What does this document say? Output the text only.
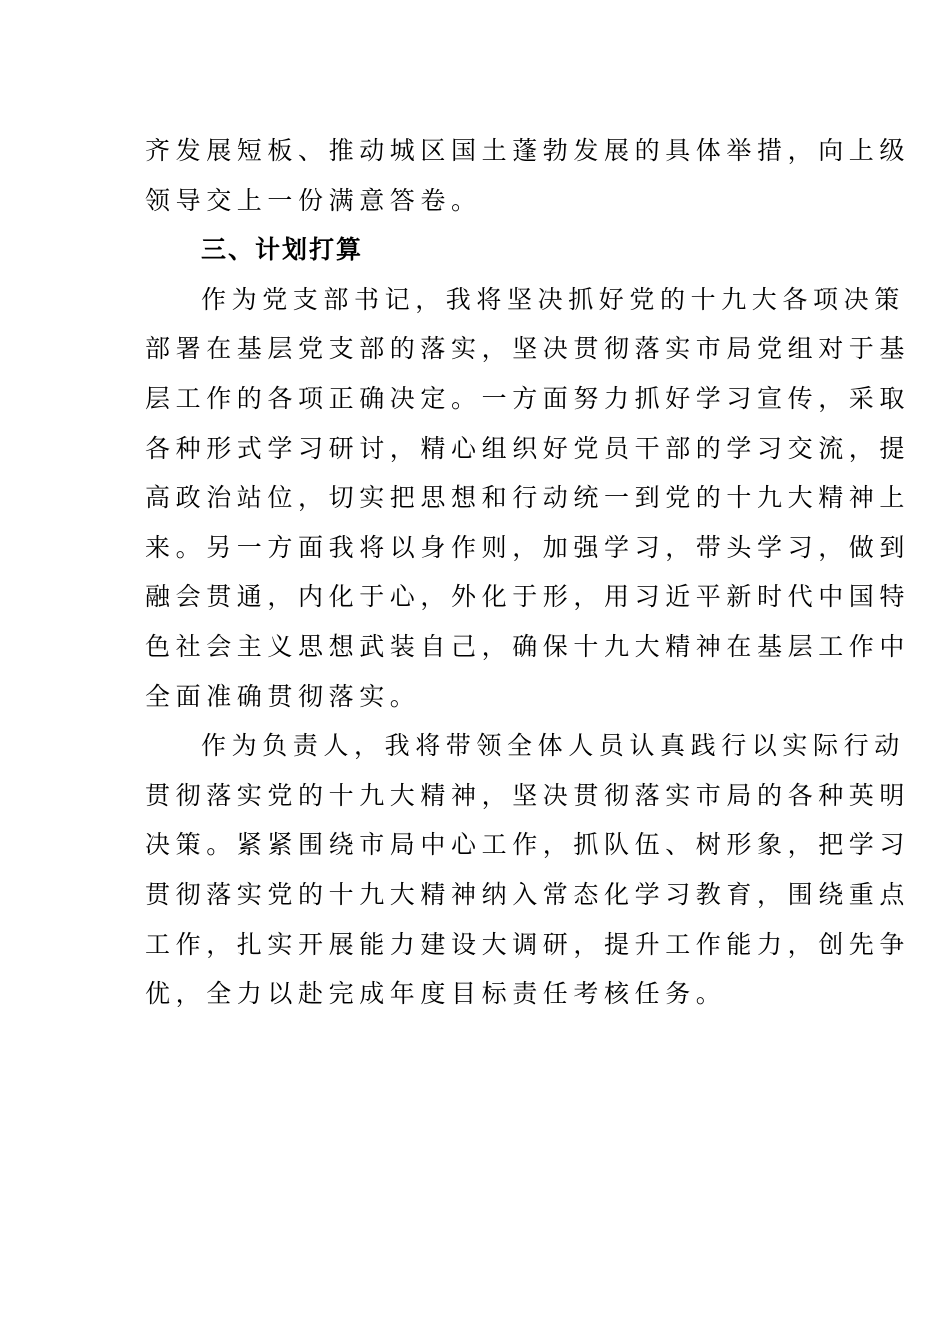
齐发展短板、推动城区国土蓬勃发展的具体举措，向上级
领导交上一份满意答卷。
三、计划打算
作为党支部书记，我将坚决抓好党的十九大各项决策
部署在基层党支部的落实，坚决贯彻落实市局党组对于基
层工作的各项正确决定。一方面努力抓好学习宣传，采取
各种形式学习研讨，精心组织好党员干部的学习交流，提
高政治站位，切实把思想和行动统一到党的十九大精神上
来。另一方面我将以身作则，加强学习，带头学习，做到
融会贯通，内化于心，外化于形，用习近平新时代中国特
色社会主义思想武装自己，确保十九大精神在基层工作中
全面准确贯彻落实。
作为负责人，我将带领全体人员认真践行以实际行动
贯彻落实党的十九大精神，坚决贯彻落实市局的各种英明
决策。紧紧围绕市局中心工作，抓队伍、树形象，把学习
贯彻落实党的十九大精神纳入常态化学习教育，围绕重点
工作，扎实开展能力建设大调研，提升工作能力，创先争
优，全力以赴完成年度目标责任考核任务。
